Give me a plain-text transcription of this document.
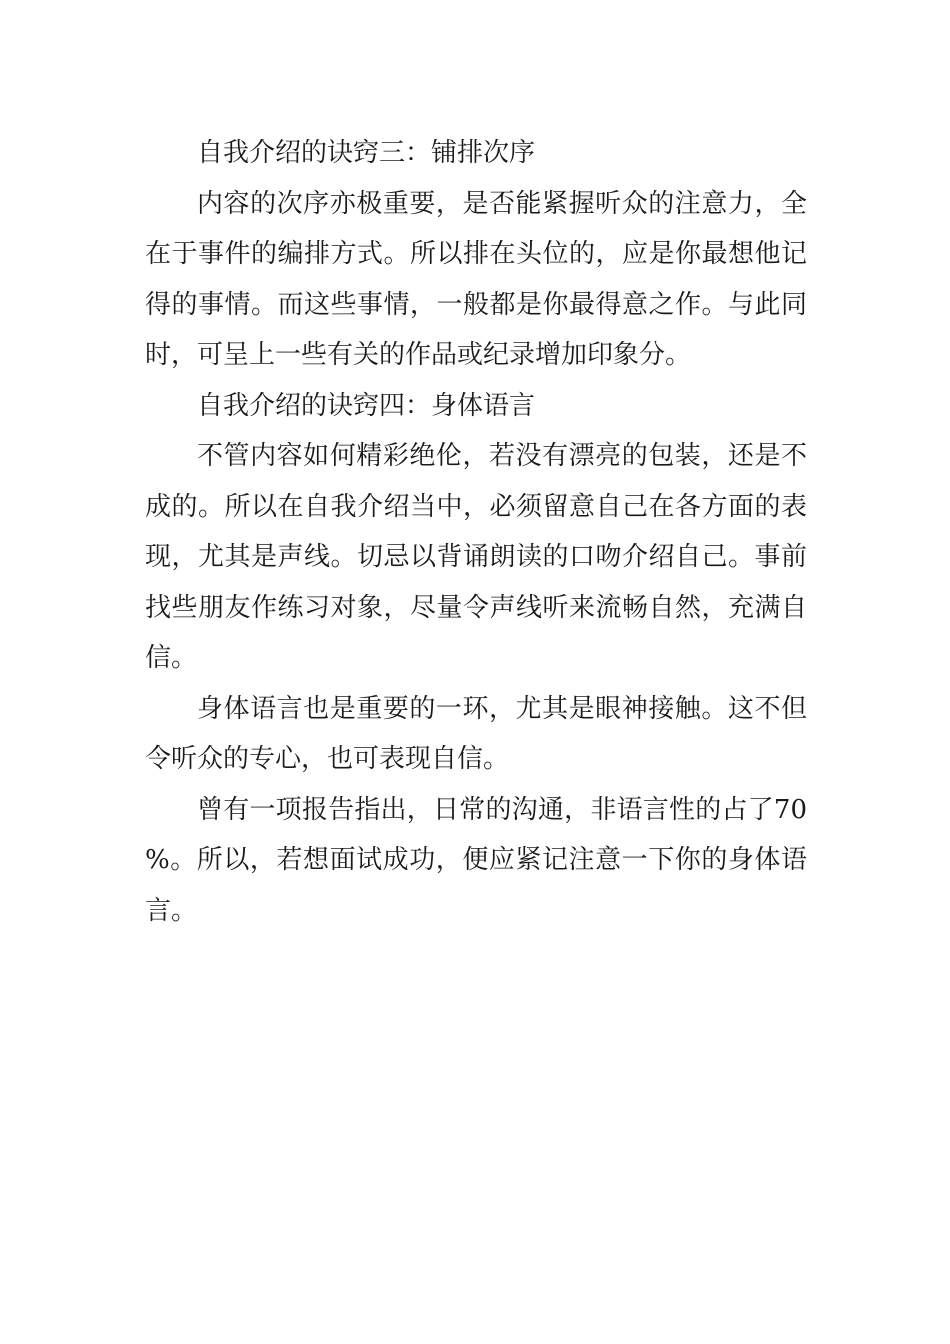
自我介绍的诀窍三：铺排次序

内容的次序亦极重要，是否能紧握听众的注意力，全在于事件的编排方式。所以排在头位的，应是你最想他记得的事情。而这些事情，一般都是你最得意之作。与此同时，可呈上一些有关的作品或纪录增加印象分。

自我介绍的诀窍四：身体语言

不管内容如何精彩绝伦，若没有漂亮的包装，还是不成的。所以在自我介绍当中，必须留意自己在各方面的表现，尤其是声线。切忌以背诵朗读的口吻介绍自己。事前找些朋友作练习对象，尽量令声线听来流畅自然，充满自信。

身体语言也是重要的一环，尤其是眼神接触。这不但令听众的专心，也可表现自信。

曾有一项报告指出，日常的沟通，非语言性的占了70%。所以，若想面试成功，便应紧记注意一下你的身体语言。
